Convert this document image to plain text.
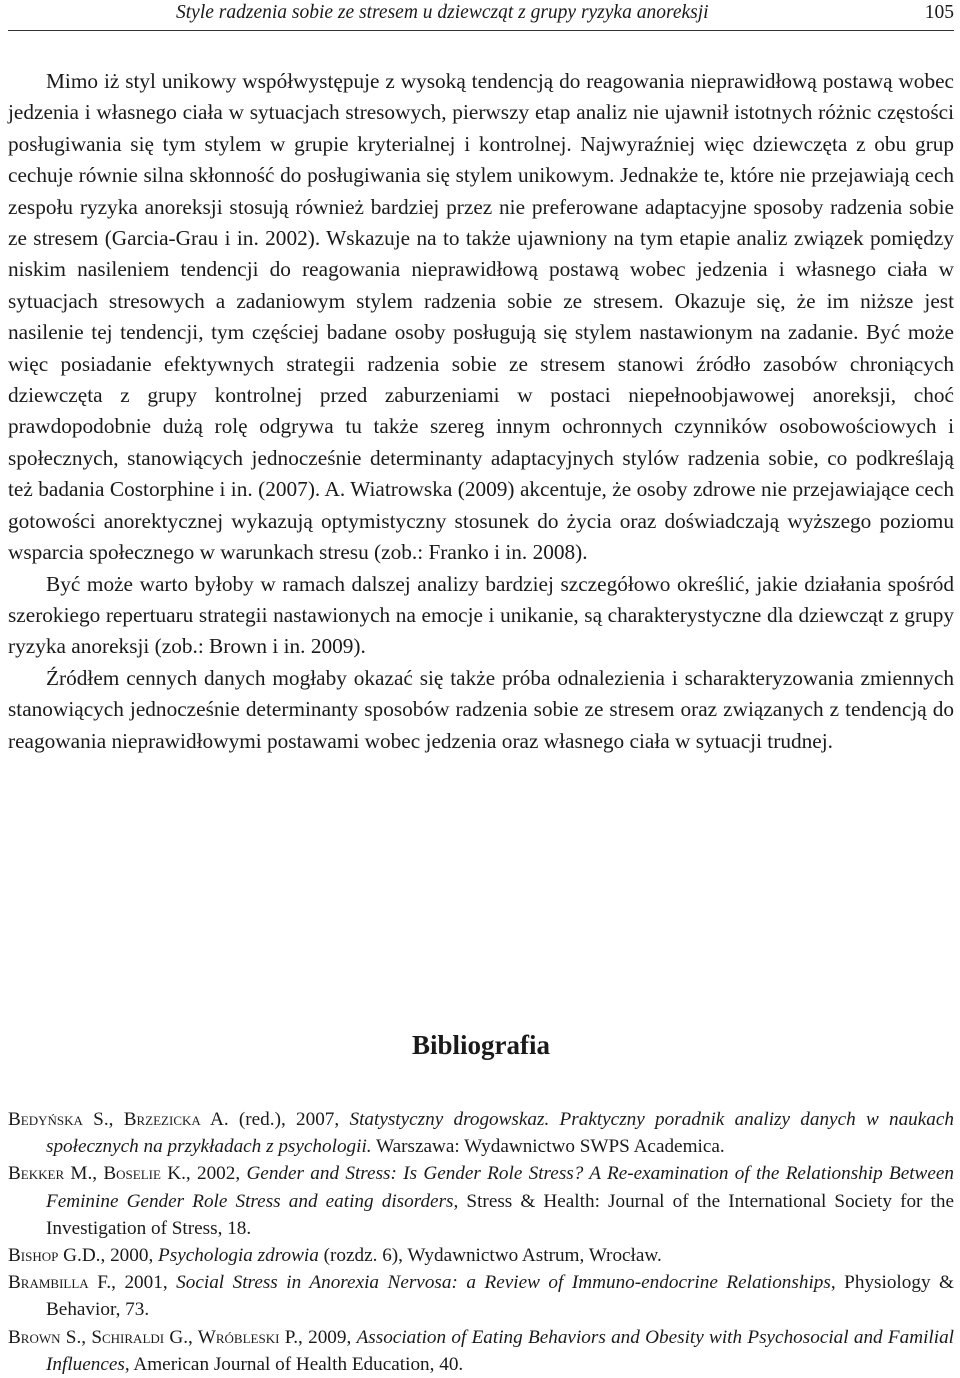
Style radzenia sobie ze stresem u dziewcząt z grupy ryzyka anoreksji	105

Mimo iż styl unikowy współwystępuje z wysoką tendencją do reagowania nieprawidłową postawą wobec jedzenia i własnego ciała w sytuacjach stresowych, pierwszy etap analiz nie ujawnił istotnych różnic częstości posługiwania się tym stylem w grupie kryterialnej i kontrolnej. Najwyraźniej więc dziewczęta z obu grup cechuje równie silna skłonność do posługiwania się stylem unikowym. Jednakże te, które nie przejawiają cech zespołu ryzyka anoreksji stosują również bardziej przez nie preferowane adaptacyjne sposoby radzenia sobie ze stresem (Garcia-Grau i in. 2002). Wskazuje na to także ujawniony na tym etapie analiz związek pomiędzy niskim nasileniem tendencji do reagowania nieprawidłową postawą wobec jedzenia i własnego ciała w sytuacjach stresowych a zadaniowym stylem radzenia sobie ze stresem. Okazuje się, że im niższe jest nasilenie tej tendencji, tym częściej badane osoby posługują się stylem nastawionym na zadanie. Być może więc posiadanie efektywnych strategii radzenia sobie ze stresem stanowi źródło zasobów chroniących dziewczęta z grupy kontrolnej przed zaburzeniami w postaci niepełnoobjawowej anoreksji, choć prawdopodobnie dużą rolę odgrywa tu także szereg innym ochronnych czynników osobowościowych i społecznych, stanowiących jednocześnie determinanty adaptacyjnych stylów radzenia sobie, co podkreślają też badania Costorphine i in. (2007). A. Wiatrowska (2009) akcentuje, że osoby zdrowe nie przejawiające cech gotowości anorektycznej wykazują optymistyczny stosunek do życia oraz doświadczają wyższego poziomu wsparcia społecznego w warunkach stresu (zob.: Franko i in. 2008).

Być może warto byłoby w ramach dalszej analizy bardziej szczegółowo określić, jakie działania spośród szerokiego repertuaru strategii nastawionych na emocje i unikanie, są charakterystyczne dla dziewcząt z grupy ryzyka anoreksji (zob.: Brown i in. 2009).

Źródłem cennych danych mogłaby okazać się także próba odnalezienia i scharakteryzowania zmiennych stanowiących jednocześnie determinanty sposobów radzenia sobie ze stresem oraz związanych z tendencją do reagowania nieprawidłowymi postawami wobec jedzenia oraz własnego ciała w sytuacji trudnej.

Bibliografia

Bedyńska S., Brzezicka A. (red.), 2007, Statystyczny drogowskaz. Praktyczny poradnik analizy danych w naukach społecznych na przykładach z psychologii. Warszawa: Wydawnictwo SWPS Academica.

Bekker M., Boselie K., 2002, Gender and Stress: Is Gender Role Stress? A Re-examination of the Relationship Between Feminine Gender Role Stress and eating disorders, Stress & Health: Journal of the International Society for the Investigation of Stress, 18.

Bishop G.D., 2000, Psychologia zdrowia (rozdz. 6), Wydawnictwo Astrum, Wrocław.

Brambilla F., 2001, Social Stress in Anorexia Nervosa: a Review of Immuno-endocrine Relationships, Physiology & Behavior, 73.

Brown S., Schiraldi G., Wróbleski P., 2009, Association of Eating Behaviors and Obesity with Psychosocial and Familial Influences, American Journal of Health Education, 40.
